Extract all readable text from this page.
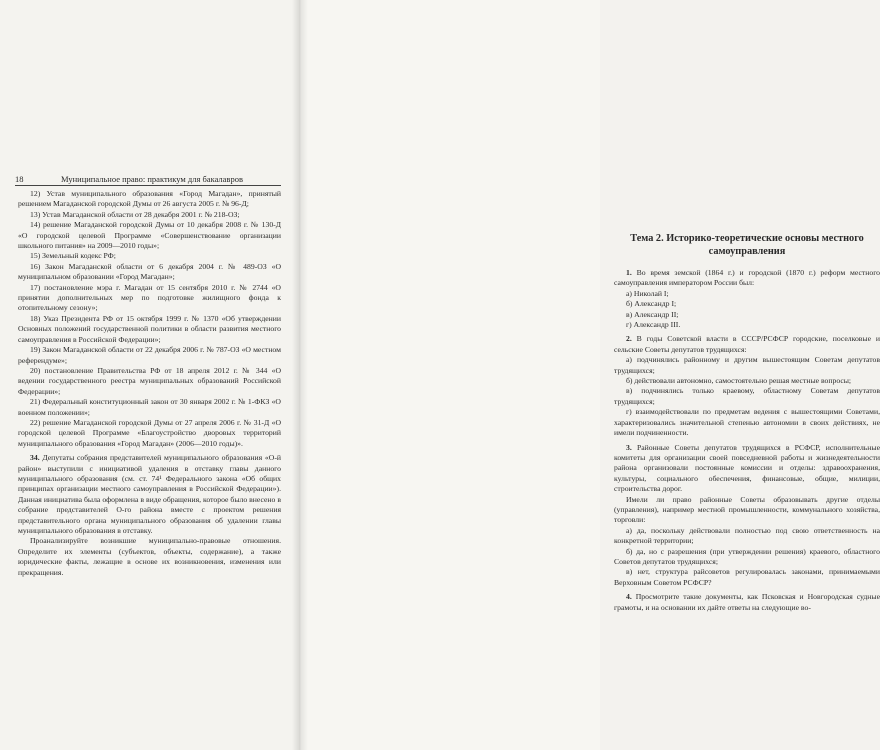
18	Муниципальное право: практикум для бакалавров

12) Устав муниципального образования «Город Магадан», принятый решением Магаданской городской Думы от 26 августа 2005 г. № 96-Д;

13) Устав Магаданской области от 28 декабря 2001 г. № 218-ОЗ;

14) решение Магаданской городской Думы от 10 декабря 2008 г. № 130-Д «О городской целевой Программе «Совершенствование организации школьного питания» на 2009—2010 годы»;

15) Земельный кодекс РФ;

16) Закон Магаданской области от 6 декабря 2004 г. № 489-ОЗ «О муниципальном образовании «Город Магадан»;

17) постановление мэра г. Магадан от 15 сентября 2010 г. № 2744 «О принятии дополнительных мер по подготовке жилищного фонда к отопительному сезону»;

18) Указ Президента РФ от 15 октября 1999 г. № 1370 «Об утверждении Основных положений государственной политики в области развития местного самоуправления в Российской Федерации»;

19) Закон Магаданской области от 22 декабря 2006 г. № 787-ОЗ «О местном референдуме»;

20) постановление Правительства РФ от 18 апреля 2012 г. № 344 «О ведении государственного реестра муниципальных образований Российской Федерации»;

21) Федеральный конституционный закон от 30 января 2002 г. № 1-ФКЗ «О военном положении»;

22) решение Магаданской городской Думы от 27 апреля 2006 г. № 31-Д «О городской целевой Программе «Благоустройство дворовых территорий муниципального образования «Город Магадан» (2006—2010 годы)».

34. Депутаты собрания представителей муниципального образования «О-й район» выступили с инициативой удаления в отставку главы данного муниципального образования (см. ст. 74¹ Федерального закона «Об общих принципах организации местного самоуправления в Российской Федерации»). Данная инициатива была оформлена в виде обращения, которое было внесено в собрание представителей О-го района вместе с проектом решения представительного органа муниципального образования об удалении главы муниципального образования в отставку.

Проанализируйте возникшие муниципально-правовые отношения. Определите их элементы (субъектов, объекты, содержание), а также юридические факты, лежащие в основе их возникновения, изменения или прекращения.

Тема 2. Историко-теоретические основы местного самоуправления

1. Во время земской (1864 г.) и городской (1870 г.) реформ местного самоуправления императором России был:

а) Николай I;

б) Александр I;

в) Александр II;

г) Александр III.

2. В годы Советской власти в СССР/РСФСР городские, поселковые и сельские Советы депутатов трудящихся:

а) подчинялись районному и другим вышестоящим Советам депутатов трудящихся;

б) действовали автономно, самостоятельно решая местные вопросы;

в) подчинялись только краевому, областному Советам депутатов трудящихся;

г) взаимодействовали по предметам ведения с вышестоящими Советами, характеризовались значительной степенью автономии в своих действиях, не имели подчиненности.

3. Районные Советы депутатов трудящихся в РСФСР, исполнительные комитеты для организации своей повседневной работы и жизнедеятельности района организовали постоянные комиссии и отделы: здравоохранения, культуры, социального обеспечения, финансовые, общие, милиции, строительства дорог.

Имели ли право районные Советы образовывать другие отделы (управления), например местной промышленности, коммунального хозяйства, торговли:

а) да, поскольку действовали полностью под свою ответственность на конкретной территории;

б) да, но с разрешения (при утверждении решения) краевого, областного Советов депутатов трудящихся;

в) нет, структура райсоветов регулировалась законами, принимаемыми Верховным Советом РСФСР?

4. Просмотрите такие документы, как Псковская и Новгородская судные грамоты, и на основании их дайте ответы на следующие во-
